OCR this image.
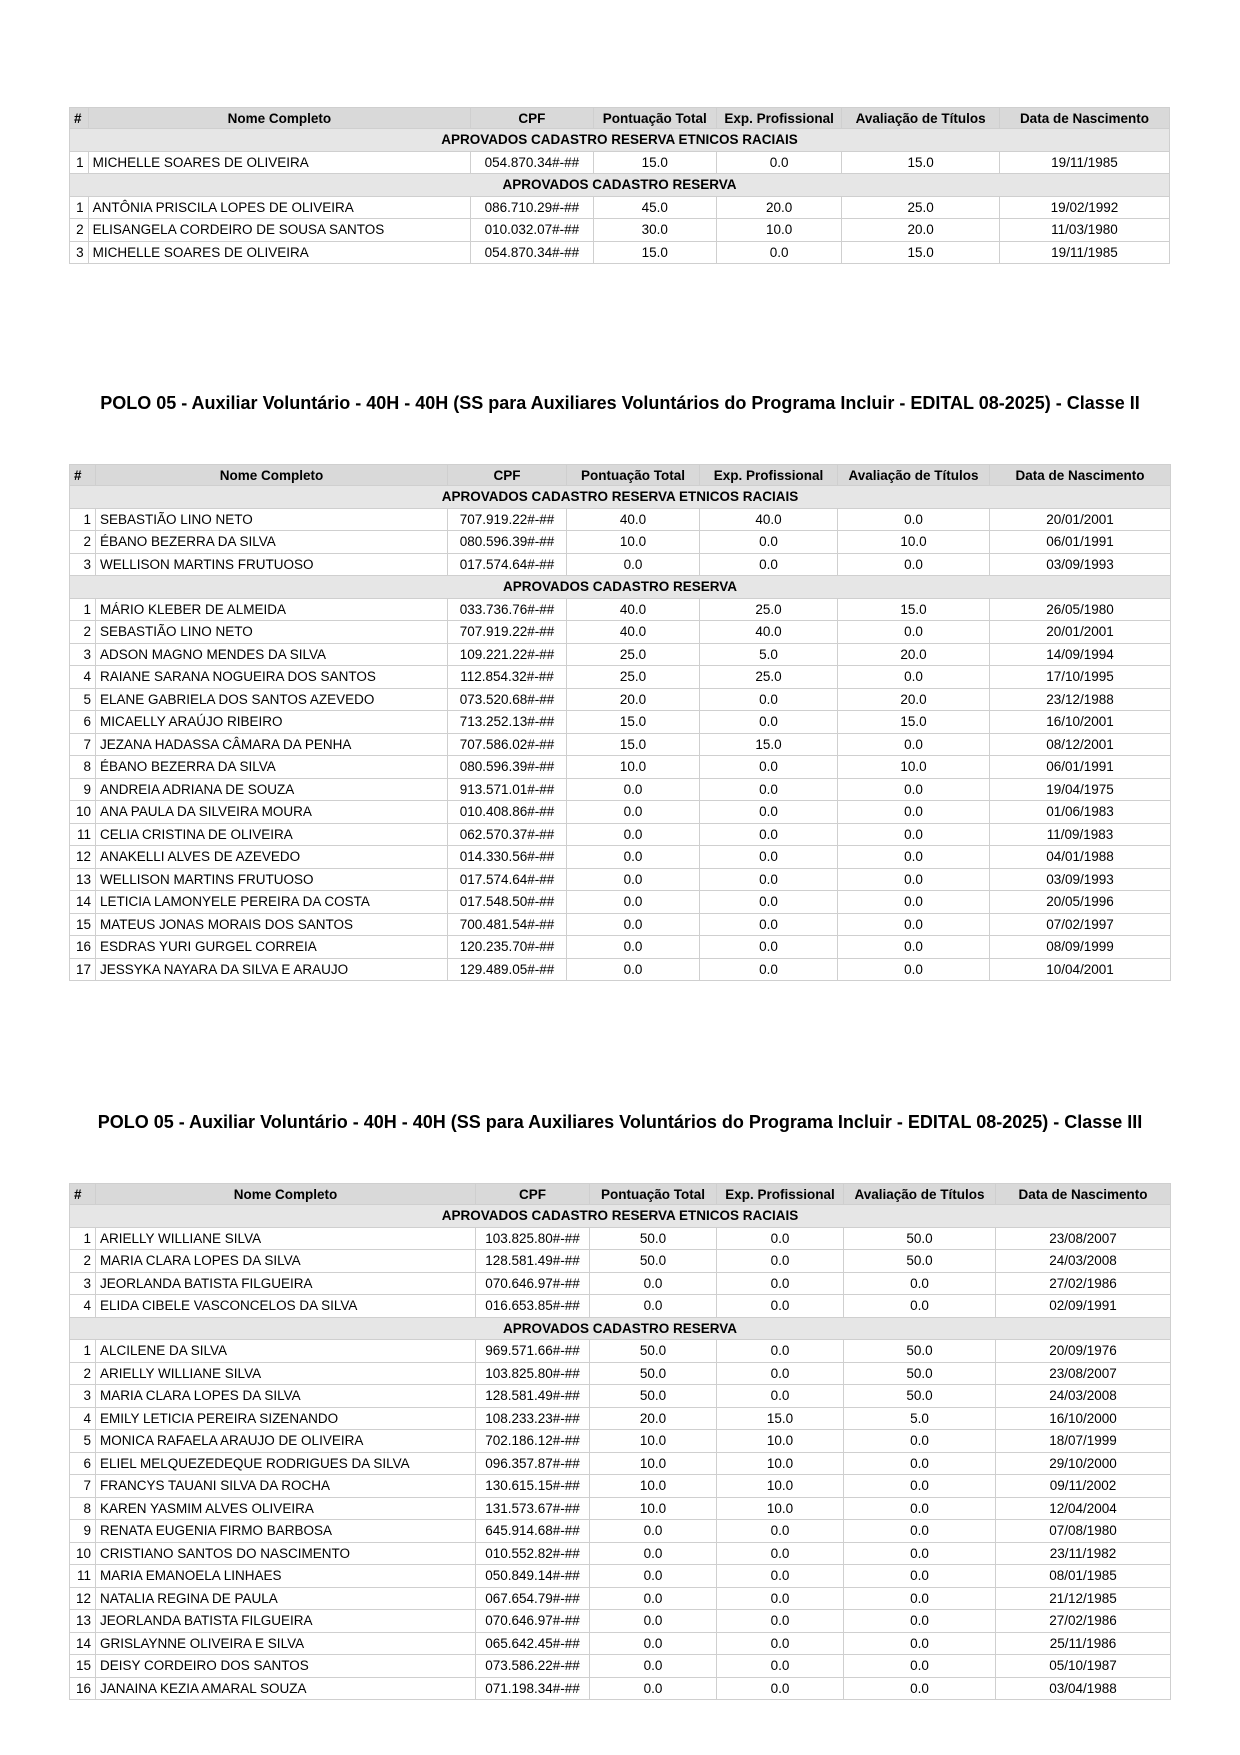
#	Nome Completo	CPF	Pontuação Total	Exp. Profissional	Avaliação de Títulos	Data de Nascimento
APROVADOS CADASTRO RESERVA ETNICOS RACIAIS						
1	MICHELLE SOARES DE OLIVEIRA	054.870.34#-##	15.0	0.0	15.0	19/11/1985
APROVADOS CADASTRO RESERVA						
1	ANTÔNIA PRISCILA LOPES DE OLIVEIRA	086.710.29#-##	45.0	20.0	25.0	19/02/1992
2	ELISANGELA CORDEIRO DE SOUSA SANTOS	010.032.07#-##	30.0	10.0	20.0	11/03/1980
3	MICHELLE SOARES DE OLIVEIRA	054.870.34#-##	15.0	0.0	15.0	19/11/1985
POLO 05 - Auxiliar Voluntário - 40H - 40H (SS para Auxiliares Voluntários do Programa Incluir - EDITAL 08-2025) - Classe II
#	Nome Completo	CPF	Pontuação Total	Exp. Profissional	Avaliação de Títulos	Data de Nascimento
APROVADOS CADASTRO RESERVA ETNICOS RACIAIS						
1	SEBASTIÃO LINO NETO	707.919.22#-##	40.0	40.0	0.0	20/01/2001
2	ÉBANO BEZERRA DA SILVA	080.596.39#-##	10.0	0.0	10.0	06/01/1991
3	WELLISON MARTINS FRUTUOSO	017.574.64#-##	0.0	0.0	0.0	03/09/1993
APROVADOS CADASTRO RESERVA						
1	MÁRIO KLEBER DE ALMEIDA	033.736.76#-##	40.0	25.0	15.0	26/05/1980
2	SEBASTIÃO LINO NETO	707.919.22#-##	40.0	40.0	0.0	20/01/2001
3	ADSON MAGNO MENDES DA SILVA	109.221.22#-##	25.0	5.0	20.0	14/09/1994
4	RAIANE SARANA NOGUEIRA DOS SANTOS	112.854.32#-##	25.0	25.0	0.0	17/10/1995
5	ELANE GABRIELA DOS SANTOS AZEVEDO	073.520.68#-##	20.0	0.0	20.0	23/12/1988
6	MICAELLY ARAÚJO RIBEIRO	713.252.13#-##	15.0	0.0	15.0	16/10/2001
7	JEZANA HADASSA CÂMARA DA PENHA	707.586.02#-##	15.0	15.0	0.0	08/12/2001
8	ÉBANO BEZERRA DA SILVA	080.596.39#-##	10.0	0.0	10.0	06/01/1991
9	ANDREIA ADRIANA DE SOUZA	913.571.01#-##	0.0	0.0	0.0	19/04/1975
10	ANA PAULA DA SILVEIRA MOURA	010.408.86#-##	0.0	0.0	0.0	01/06/1983
11	CELIA CRISTINA DE OLIVEIRA	062.570.37#-##	0.0	0.0	0.0	11/09/1983
12	ANAKELLI ALVES DE AZEVEDO	014.330.56#-##	0.0	0.0	0.0	04/01/1988
13	WELLISON MARTINS FRUTUOSO	017.574.64#-##	0.0	0.0	0.0	03/09/1993
14	LETICIA LAMONYELE PEREIRA DA COSTA	017.548.50#-##	0.0	0.0	0.0	20/05/1996
15	MATEUS JONAS MORAIS DOS SANTOS	700.481.54#-##	0.0	0.0	0.0	07/02/1997
16	ESDRAS YURI GURGEL CORREIA	120.235.70#-##	0.0	0.0	0.0	08/09/1999
17	JESSYKA NAYARA DA SILVA E ARAUJO	129.489.05#-##	0.0	0.0	0.0	10/04/2001
POLO 05 - Auxiliar Voluntário - 40H - 40H (SS para Auxiliares Voluntários do Programa Incluir - EDITAL 08-2025) - Classe III
#	Nome Completo	CPF	Pontuação Total	Exp. Profissional	Avaliação de Títulos	Data de Nascimento
APROVADOS CADASTRO RESERVA ETNICOS RACIAIS						
1	ARIELLY WILLIANE SILVA	103.825.80#-##	50.0	0.0	50.0	23/08/2007
2	MARIA CLARA LOPES DA SILVA	128.581.49#-##	50.0	0.0	50.0	24/03/2008
3	JEORLANDA BATISTA FILGUEIRA	070.646.97#-##	0.0	0.0	0.0	27/02/1986
4	ELIDA CIBELE VASCONCELOS DA SILVA	016.653.85#-##	0.0	0.0	0.0	02/09/1991
APROVADOS CADASTRO RESERVA						
1	ALCILENE DA SILVA	969.571.66#-##	50.0	0.0	50.0	20/09/1976
2	ARIELLY WILLIANE SILVA	103.825.80#-##	50.0	0.0	50.0	23/08/2007
3	MARIA CLARA LOPES DA SILVA	128.581.49#-##	50.0	0.0	50.0	24/03/2008
4	EMILY LETICIA PEREIRA SIZENANDO	108.233.23#-##	20.0	15.0	5.0	16/10/2000
5	MONICA RAFAELA ARAUJO DE OLIVEIRA	702.186.12#-##	10.0	10.0	0.0	18/07/1999
6	ELIEL MELQUEZEDEQUE RODRIGUES DA SILVA	096.357.87#-##	10.0	10.0	0.0	29/10/2000
7	FRANCYS TAUANI SILVA DA ROCHA	130.615.15#-##	10.0	10.0	0.0	09/11/2002
8	KAREN YASMIM ALVES OLIVEIRA	131.573.67#-##	10.0	10.0	0.0	12/04/2004
9	RENATA EUGENIA FIRMO BARBOSA	645.914.68#-##	0.0	0.0	0.0	07/08/1980
10	CRISTIANO SANTOS DO NASCIMENTO	010.552.82#-##	0.0	0.0	0.0	23/11/1982
11	MARIA EMANOELA LINHAES	050.849.14#-##	0.0	0.0	0.0	08/01/1985
12	NATALIA REGINA DE PAULA	067.654.79#-##	0.0	0.0	0.0	21/12/1985
13	JEORLANDA BATISTA FILGUEIRA	070.646.97#-##	0.0	0.0	0.0	27/02/1986
14	GRISLAYNNE OLIVEIRA E SILVA	065.642.45#-##	0.0	0.0	0.0	25/11/1986
15	DEISY CORDEIRO DOS SANTOS	073.586.22#-##	0.0	0.0	0.0	05/10/1987
16	JANAINA KEZIA AMARAL SOUZA	071.198.34#-##	0.0	0.0	0.0	03/04/1988
